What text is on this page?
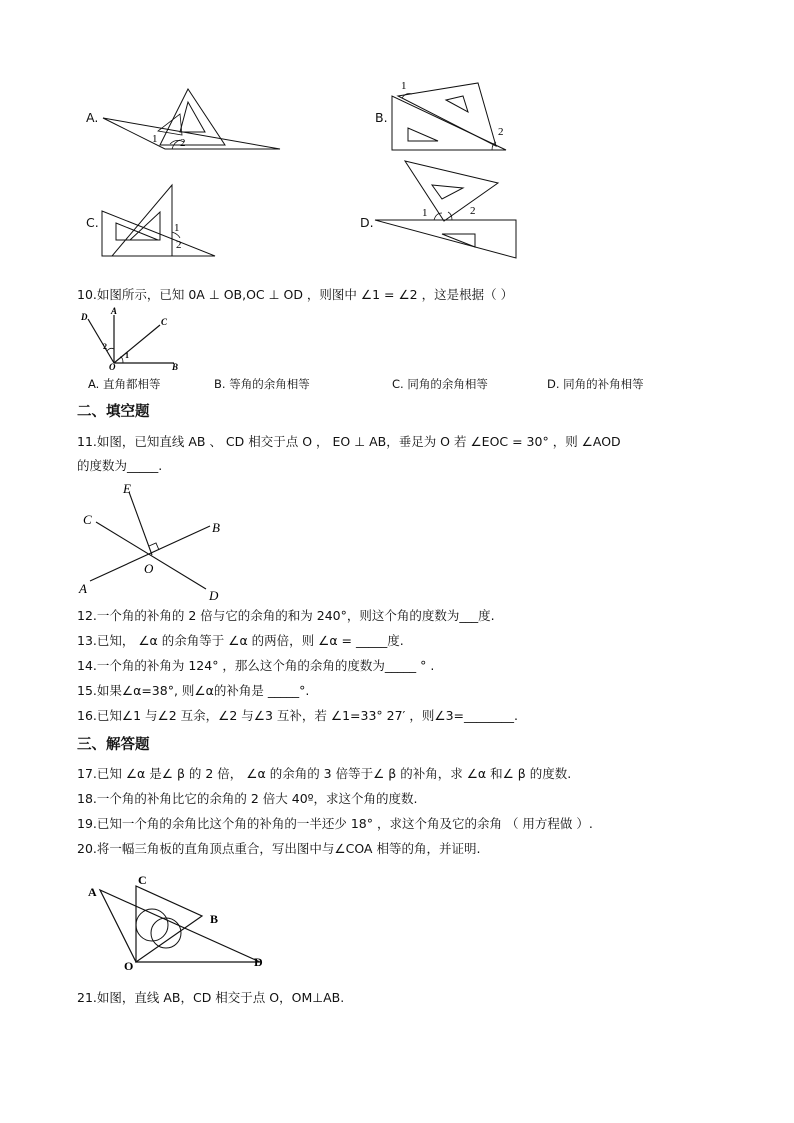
A.
1 2
B.
1
2
C.	1
2
D.
1	2
10.如图所示，已知 0A ⊥ OB,OC ⊥ OD ，则图中 ∠1 = ∠2 ，这是根据（ ）
D
A
C
O	B
1
2
A. 直角都相等	B. 等角的余角相等	C. 同角的余角相等	D. 同角的补角相等
二、填空题
11.如图，已知直线 AB 、 CD 相交于点 O ， EO ⊥ AB，垂足为 O 若 ∠EOC = 30° ，则 ∠AOD
的度数为_____.
E
C
B
O
A	D
12.一个角的补角的 2 倍与它的余角的和为 240°，则这个角的度数为___度.
13.已知， ∠α 的余角等于 ∠α 的两倍，则 ∠α = _____度.
14.一个角的补角为 124° ，那么这个角的余角的度数为_____ ° .
15.如果∠α=38°, 则∠α的补角是 _____°.
16.已知∠1 与∠2 互余，∠2 与∠3 互补，若 ∠1=33° 27′ ，则∠3=________.
三、解答题
17.已知 ∠α 是∠ β 的 2 倍， ∠α 的余角的 3 倍等于∠ β 的补角，求 ∠α 和∠ β 的度数.
18.一个角的补角比它的余角的 2 倍大 40º，求这个角的度数.
19.已知一个角的余角比这个角的补角的一半还少 18° ，求这个角及它的余角 （ 用方程做 ）.
20.将一幅三角板的直角顶点重合，写出图中与∠COA 相等的角，并证明.
A
C
B
O	D
21.如图，直线 AB，CD 相交于点 O，OM⊥AB.
